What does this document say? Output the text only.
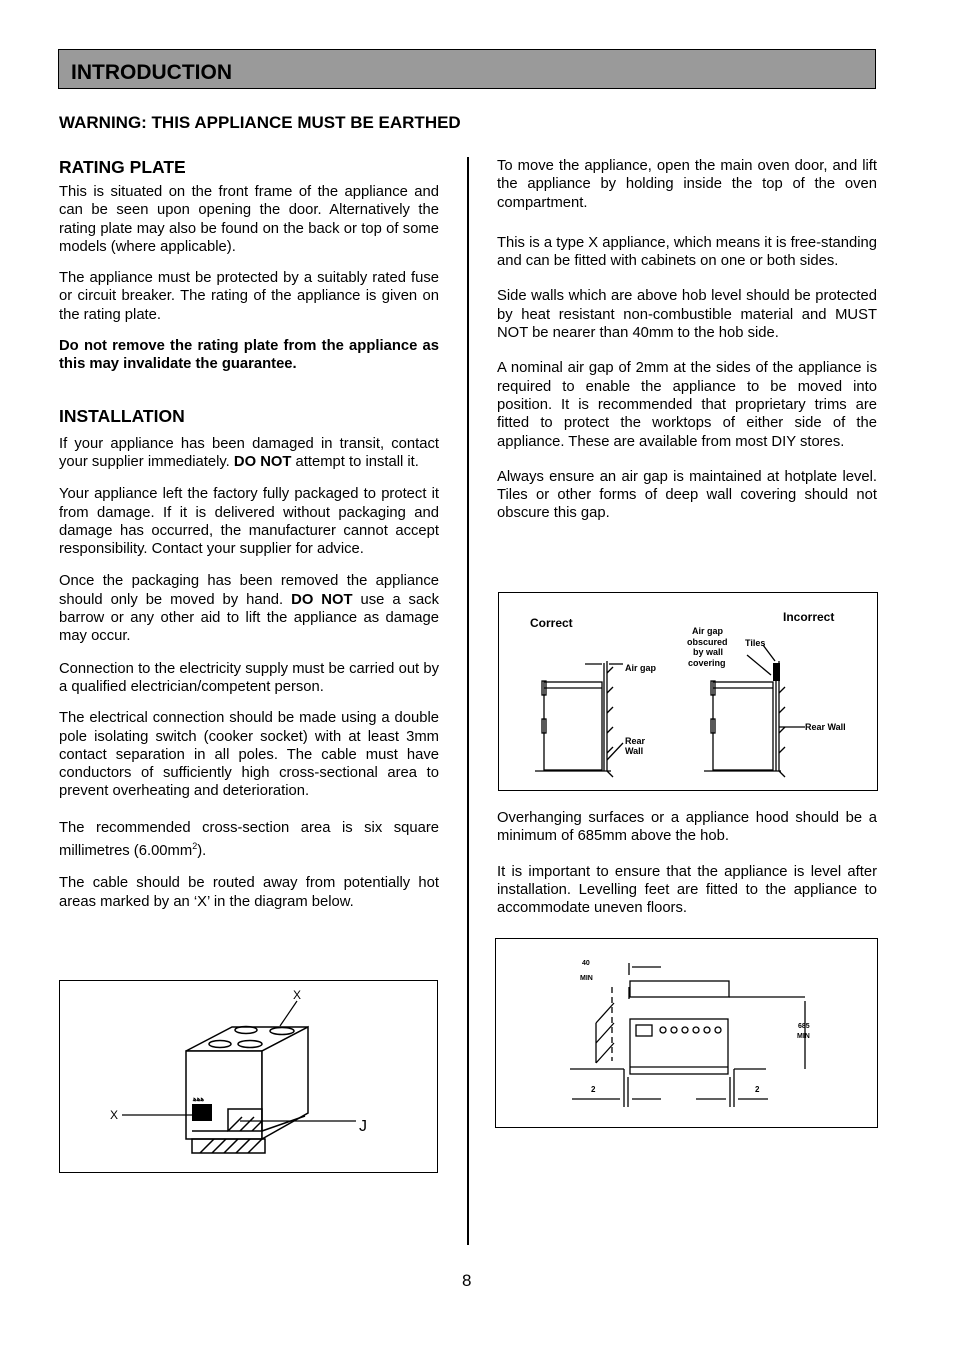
INTRODUCTION
WARNING: THIS APPLIANCE MUST BE EARTHED
RATING PLATE

This is situated on the front frame of the appliance and can be seen upon opening the door. Alternatively the rating plate may also be found on the back or top of some models (where applicable).

The appliance must be protected by a suitably rated fuse or circuit breaker. The rating of the appliance is given on the rating plate.

Do not remove the rating plate from the appliance as this may invalidate the guarantee.

INSTALLATION

If your appliance has been damaged in transit, contact your supplier immediately. DO NOT attempt to install it.

Your appliance left the factory fully packaged to protect it from damage. If it is delivered without packaging and damage has occurred, the manufacturer cannot accept responsibility. Contact your supplier for advice.

Once the packaging has been removed the appliance should only be moved by hand. DO NOT use a sack barrow or any other aid to lift the appliance as damage may occur.

Connection to the electricity supply must be carried out by a qualified electrician/competent person.

The electrical connection should be made using a double pole isolating switch (cooker socket) with at least 3mm contact separation in all poles. The cable must have conductors of sufficiently high cross-sectional area to prevent overheating and deterioration.

The recommended cross-section area is six square millimetres $(6.00mm^2)$.

The cable should be routed away from potentially hot areas marked by an ‘X’ in the diagram below.

ﮬﮬﮬ
X
X
J

To move the appliance, open the main oven door, and lift the appliance by holding inside the top of the oven compartment.

This is a type X appliance, which means it is free-standing and can be fitted with cabinets on one or both sides.

Side walls which are above hob level should be protected by heat resistant non-combustible material and MUST NOT be nearer than 40mm to the hob side.

A nominal air gap of 2mm at the sides of the appliance is required to enable the appliance to be moved into position. It is recommended that proprietary trims are fitted to protect the worktops of either side of the appliance. These are available from most DIY stores.

Always ensure an air gap is maintained at hotplate level. Tiles or other forms of deep wall covering should not obscure this gap.

Correct	Incorrect
Air gap
Rear
Wall
Air gap
obscured
by wall
covering
Tiles
Rear Wall

Overhanging surfaces or a appliance hood should be a minimum of 685mm above the hob.

It is important to ensure that the appliance is level after installation. Levelling feet are fitted to the appliance to accommodate uneven floors.

40
MIN
685
MIN
2	2
8
